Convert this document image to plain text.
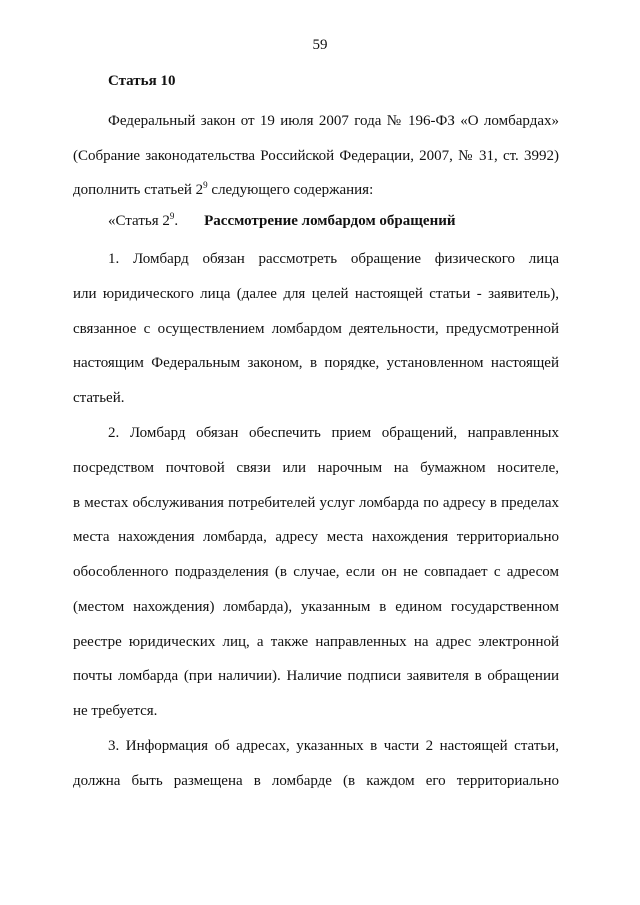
59
Статья 10
Федеральный закон от 19 июля 2007 года № 196-ФЗ «О ломбардах»
(Собрание законодательства Российской Федерации, 2007, № 31, ст. 3992)
дополнить статьей $2^9$ следующего содержания:
«Статья $2^9$. Рассмотрение ломбардом обращений
1. Ломбард обязан рассмотреть обращение физического лица
или юридического лица (далее для целей настоящей статьи - заявитель),
связанное с осуществлением ломбардом деятельности, предусмотренной
настоящим Федеральным законом, в порядке, установленном настоящей
статьей.
2. Ломбард обязан обеспечить прием обращений, направленных
посредством почтовой связи или нарочным на бумажном носителе,
в местах обслуживания потребителей услуг ломбарда по адресу в пределах
места нахождения ломбарда, адресу места нахождения территориально
обособленного подразделения (в случае, если он не совпадает с адресом
(местом нахождения) ломбарда), указанным в едином государственном
реестре юридических лиц, а также направленных на адрес электронной
почты ломбарда (при наличии). Наличие подписи заявителя в обращении
не требуется.
3. Информация об адресах, указанных в части 2 настоящей статьи,
должна быть размещена в ломбарде (в каждом его территориально
